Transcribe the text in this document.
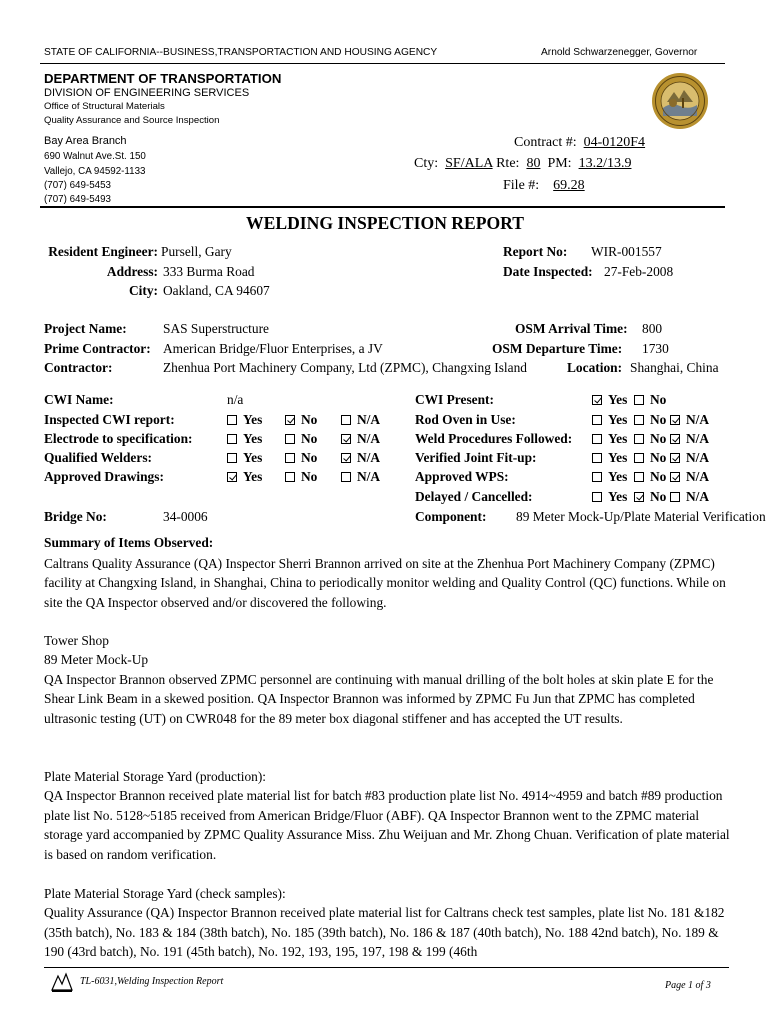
STATE OF CALIFORNIA--BUSINESS,TRANSPORTACTION AND HOUSING AGENCY	Arnold Schwarzenegger, Governor
DEPARTMENT OF TRANSPORTATION
DIVISION OF ENGINEERING SERVICES
Office of Structural Materials
Quality Assurance and Source Inspection
Bay Area Branch
690 Walnut Ave.St. 150
Vallejo, CA 94592-1133
(707) 649-5453
(707) 649-5493
Contract #: 04-0120F4
Cty: SF/ALA Rte: 80 PM: 13.2/13.9
File #: 69.28
WELDING INSPECTION REPORT
Resident Engineer: Pursell, Gary
Address: 333 Burma Road
City: Oakland, CA 94607
Report No: WIR-001557
Date Inspected: 27-Feb-2008
Project Name:	SAS Superstructure
Prime Contractor: American Bridge/Fluor Enterprises, a JV
Contractor:	Zhenhua Port Machinery Company, Ltd (ZPMC), Changxing Island
OSM Arrival Time: 800
OSM Departure Time: 1730
Location: Shanghai, China
CWI Name:	n/a
Inspected CWI report:	Yes	No	N/A
Electrode to specification:	Yes	No	N/A
Qualified Welders:	Yes	No	N/A
Approved Drawings:	Yes	No	N/A
CWI Present:	Yes No
Rod Oven in Use:	Yes No N/A
Weld Procedures Followed:	Yes No N/A
Verified Joint Fit-up:	Yes No N/A
Approved WPS:	Yes No N/A
Delayed / Cancelled:	Yes No N/A
Bridge No:	34-0006	Component: 89 Meter Mock-Up/Plate Material Verification
Summary of Items Observed:

Caltrans Quality Assurance (QA) Inspector Sherri Brannon arrived on site at the Zhenhua Port Machinery Company (ZPMC) facility at Changxing Island, in Shanghai, China to periodically monitor welding and Quality Control (QC) functions. While on site the QA Inspector observed and/or discovered the following.

Tower Shop

89 Meter Mock-Up

QA Inspector Brannon observed ZPMC personnel are continuing with manual drilling of the bolt holes at skin plate E for the Shear Link Beam in a skewed position. QA Inspector Brannon was informed by ZPMC Fu Jun that ZPMC has completed ultrasonic testing (UT) on CWR048 for the 89 meter box diagonal stiffener and has accepted the UT results.

Plate Material Storage Yard (production):

QA Inspector Brannon received plate material list for batch #83 production plate list No. 4914~4959 and batch #89 production plate list No. 5128~5185 received from American Bridge/Fluor (ABF). QA Inspector Brannon went to the ZPMC material storage yard accompanied by ZPMC Quality Assurance Miss. Zhu Weijuan and Mr. Zhong Chuan. Verification of plate material is based on random verification.

Plate Material Storage Yard (check samples):

Quality Assurance (QA) Inspector Brannon received plate material list for Caltrans check test samples, plate list No. 181 &182 (35th batch), No. 183 & 184 (38th batch), No. 185 (39th batch), No. 186 & 187 (40th batch), No. 188 42nd batch), No. 189 & 190 (43rd batch), No. 191 (45th batch), No. 192, 193, 195, 197, 198 & 199 (46th

TL-6031,Welding Inspection Report	Page 1 of 3
